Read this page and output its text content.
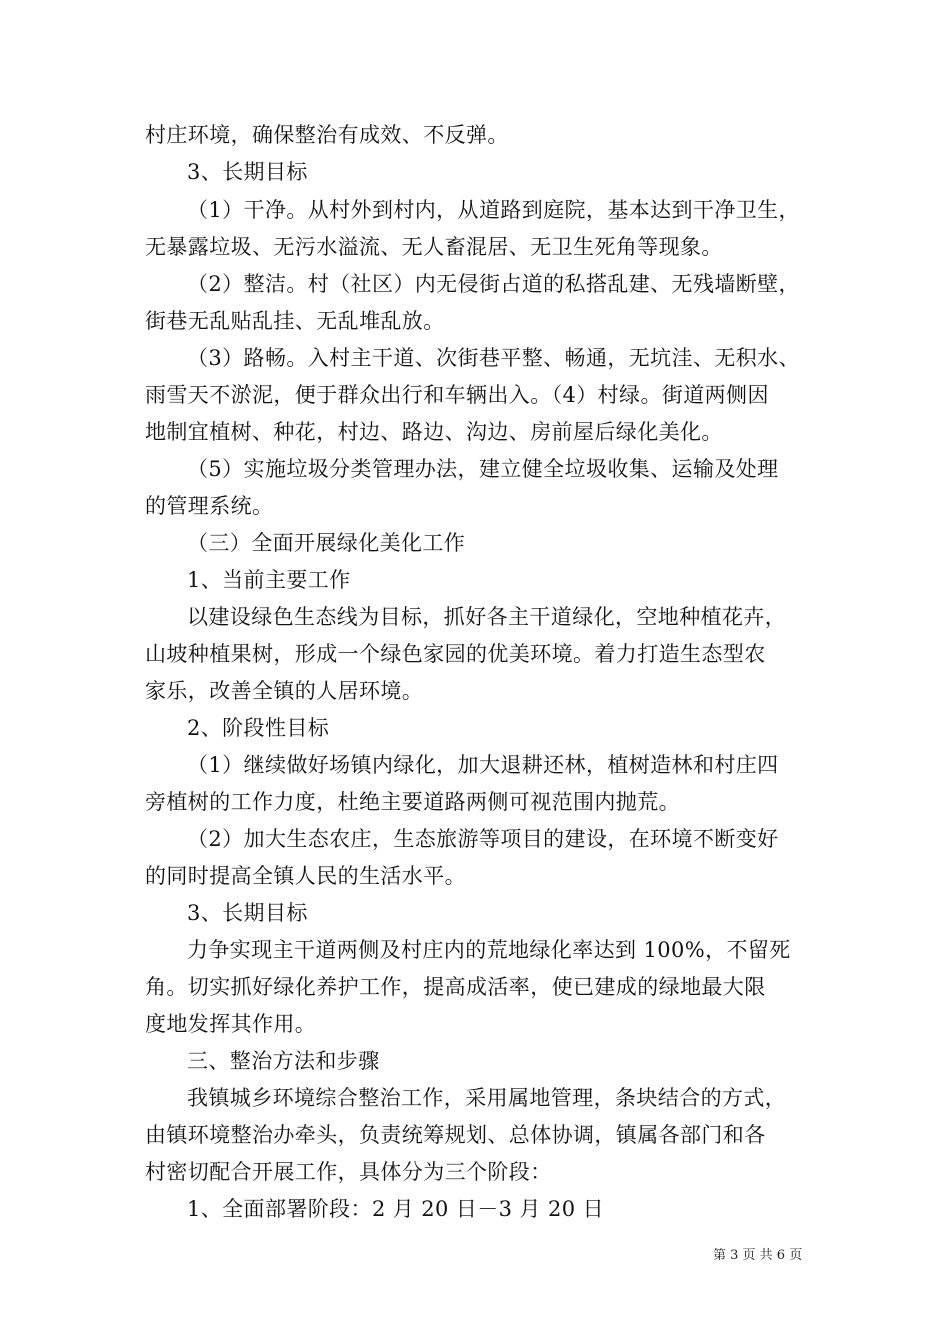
村庄环境，确保整治有成效、不反弹。
3、长期目标
（1）干净。从村外到村内，从道路到庭院，基本达到干净卫生，
无暴露垃圾、无污水溢流、无人畜混居、无卫生死角等现象。
（2）整洁。村（社区）内无侵街占道的私搭乱建、无残墙断壁，
街巷无乱贴乱挂、无乱堆乱放。
（3）路畅。入村主干道、次街巷平整、畅通，无坑洼、无积水、
雨雪天不淤泥，便于群众出行和车辆出入。（4）村绿。街道两侧因
地制宜植树、种花，村边、路边、沟边、房前屋后绿化美化。
（5）实施垃圾分类管理办法，建立健全垃圾收集、运输及处理
的管理系统。
（三）全面开展绿化美化工作
1、当前主要工作
以建设绿色生态线为目标，抓好各主干道绿化，空地种植花卉，
山坡种植果树，形成一个绿色家园的优美环境。着力打造生态型农
家乐，改善全镇的人居环境。
2、阶段性目标
（1）继续做好场镇内绿化，加大退耕还林，植树造林和村庄四
旁植树的工作力度，杜绝主要道路两侧可视范围内抛荒。
（2）加大生态农庄，生态旅游等项目的建设，在环境不断变好
的同时提高全镇人民的生活水平。
3、长期目标
力争实现主干道两侧及村庄内的荒地绿化率达到 100%，不留死
角。切实抓好绿化养护工作，提高成活率，使已建成的绿地最大限
度地发挥其作用。
三、整治方法和步骤
我镇城乡环境综合整治工作，采用属地管理，条块结合的方式，
由镇环境整治办牵头，负责统筹规划、总体协调，镇属各部门和各
村密切配合开展工作，具体分为三个阶段：
1、全面部署阶段：2 月 20 日－3 月 20 日
第 3 页 共 6 页
